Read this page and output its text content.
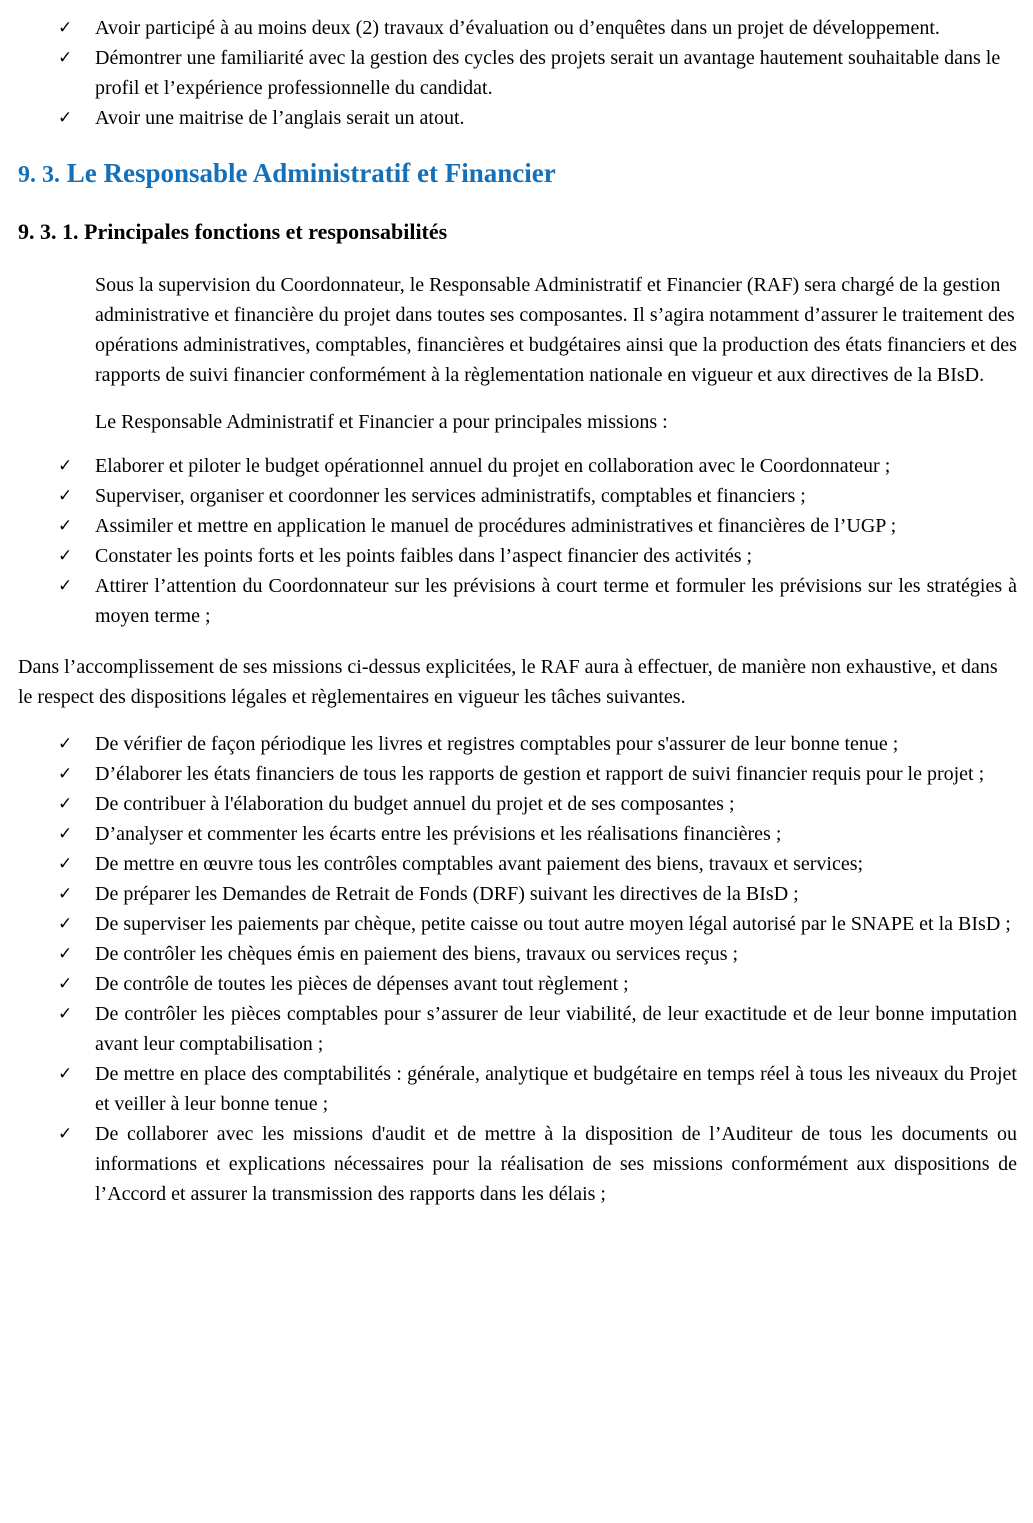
✓ Avoir participé à au moins deux (2) travaux d’évaluation ou d’enquêtes dans un projet de développement.
✓ Démontrer une familiarité avec la gestion des cycles des projets serait un avantage hautement souhaitable dans le profil et l’expérience professionnelle du candidat.
✓ Avoir une maitrise de l’anglais serait un atout.
9. 3. Le Responsable Administratif et Financier
9. 3. 1. Principales fonctions et responsabilités

Sous la supervision du Coordonnateur, le Responsable Administratif et Financier (RAF) sera chargé de la gestion administrative et financière du projet dans toutes ses composantes. Il s’agira notamment d’assurer le traitement des opérations administratives, comptables, financières et budgétaires ainsi que la production des états financiers et des rapports de suivi financier conformément à la règlementation nationale en vigueur et aux directives de la BIsD.

Le Responsable Administratif et Financier a pour principales missions :

✓ Elaborer et piloter le budget opérationnel annuel du projet en collaboration avec le Coordonnateur ;
✓ Superviser, organiser et coordonner les services administratifs, comptables et financiers ;
✓ Assimiler et mettre en application le manuel de procédures administratives et financières de l’UGP ;
✓ Constater les points forts et les points faibles dans l’aspect financier des activités ;
✓ Attirer l’attention du Coordonnateur sur les prévisions à court terme et formuler les prévisions sur les stratégies à moyen terme ;

Dans l’accomplissement de ses missions ci-dessus explicitées, le RAF aura à effectuer, de manière non exhaustive, et dans le respect des dispositions légales et règlementaires en vigueur les tâches suivantes.

✓ De vérifier de façon périodique les livres et registres comptables pour s'assurer de leur bonne tenue ;
✓ D’élaborer les états financiers de tous les rapports de gestion et rapport de suivi financier requis pour le projet ;
✓ De contribuer à l'élaboration du budget annuel du projet et de ses composantes ;
✓ D’analyser et commenter les écarts entre les prévisions et les réalisations financières ;
✓ De mettre en œuvre tous les contrôles comptables avant paiement des biens, travaux et services;
✓ De préparer les Demandes de Retrait de Fonds (DRF) suivant les directives de la BIsD ;
✓ De superviser les paiements par chèque, petite caisse ou tout autre moyen légal autorisé par le SNAPE et la BIsD ;
✓ De contrôler les chèques émis en paiement des biens, travaux ou services reçus ;
✓ De contrôle de toutes les pièces de dépenses avant tout règlement ;
✓ De contrôler les pièces comptables pour s’assurer de leur viabilité, de leur exactitude et de leur bonne imputation avant leur comptabilisation ;
✓ De mettre en place des comptabilités : générale, analytique et budgétaire en temps réel à tous les niveaux du Projet et veiller à leur bonne tenue ;
✓ De collaborer avec les missions d'audit et de mettre à la disposition de l’Auditeur de tous les documents ou informations et explications nécessaires pour la réalisation de ses missions conformément aux dispositions de l’Accord et assurer la transmission des rapports dans les délais ;
